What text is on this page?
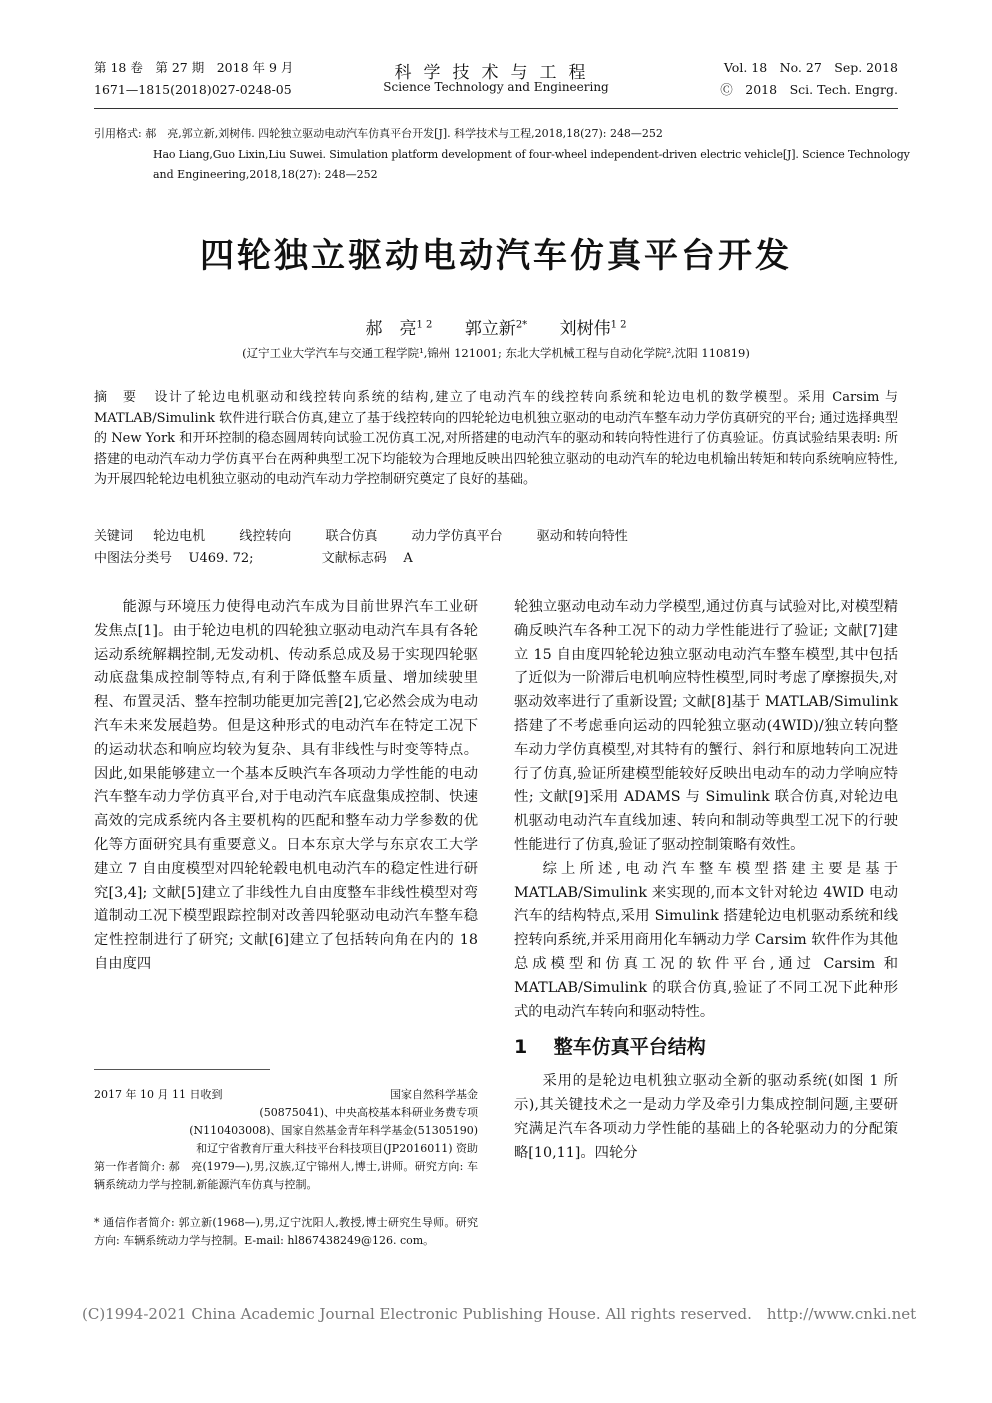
第 18 卷　第 27 期　2018 年 9 月
1671—1815(2018)027-0248-05
科学技术与工程
Science Technology and Engineering
Vol. 18　No. 27　Sep. 2018
Ⓒ　2018　Sci. Tech. Engrg.
引用格式: 郝　亮,郭立新,刘树伟. 四轮独立驱动电动汽车仿真平台开发[J]. 科学技术与工程,2018,18(27): 248—252
Hao Liang,Guo Lixin,Liu Suwei. Simulation platform development of four-wheel independent-driven electric vehicle[J]. Science Technology
and Engineering,2018,18(27): 248—252
四轮独立驱动电动汽车仿真平台开发
郝　亮$^{1 2}$ 郭立新$^{2*}$ 刘树伟$^{1 2}$
(辽宁工业大学汽车与交通工程学院¹,锦州 121001; 东北大学机械工程与自动化学院²,沈阳 110819)
摘　要 设计了轮边电机驱动和线控转向系统的结构,建立了电动汽车的线控转向系统和轮边电机的数学模型。采用 Carsim 与 MATLAB/Simulink 软件进行联合仿真,建立了基于线控转向的四轮轮边电机独立驱动的电动汽车整车动力学仿真研究的平台; 通过选择典型的 New York 和开环控制的稳态圆周转向试验工况仿真工况,对所搭建的电动汽车的驱动和转向特性进行了仿真验证。仿真试验结果表明: 所搭建的电动汽车动力学仿真平台在两种典型工况下均能较为合理地反映出四轮独立驱动的电动汽车的轮边电机输出转矩和转向系统响应特性,为开展四轮轮边电机独立驱动的电动汽车动力学控制研究奠定了良好的基础。
关键词 轮边电机	线控转向	联合仿真	动力学仿真平台	驱动和转向特性
中图法分类号 U469. 72;	文献标志码 A

能源与环境压力使得电动汽车成为目前世界汽车工业研发焦点[1]。由于轮边电机的四轮独立驱动电动汽车具有各轮运动系统解耦控制,无发动机、传动系总成及易于实现四轮驱动底盘集成控制等特点,有利于降低整车质量、增加续驶里程、布置灵活、整车控制功能更加完善[2],它必然会成为电动汽车未来发展趋势。但是这种形式的电动汽车在特定工况下的运动状态和响应均较为复杂、具有非线性与时变等特点。因此,如果能够建立一个基本反映汽车各项动力学性能的电动汽车整车动力学仿真平台,对于电动汽车底盘集成控制、快速高效的完成系统内各主要机构的匹配和整车动力学参数的优化等方面研究具有重要意义。日本东京大学与东京农工大学建立 7 自由度模型对四轮轮毂电机电动汽车的稳定性进行研究[3,4]; 文献[5]建立了非线性九自由度整车非线性模型对弯道制动工况下模型跟踪控制对改善四轮驱动电动汽车整车稳定性控制进行了研究; 文献[6]建立了包括转向角在内的 18 自由度四

2017 年 10 月 11 日收到	国家自然科学基金
(50875041)、中央高校基本科研业务费专项
(N110403008)、国家自然基金青年科学基金(51305190)
和辽宁省教育厅重大科技平台科技项目(JP2016011) 资助
第一作者简介: 郝　亮(1979—),男,汉族,辽宁锦州人,博士,讲师。研究方向: 车辆系统动力学与控制,新能源汽车仿真与控制。
* 通信作者简介: 郭立新(1968—),男,辽宁沈阳人,教授,博士研究生导师。研究方向: 车辆系统动力学与控制。E-mail: hl867438249@126. com。

轮独立驱动电动车动力学模型,通过仿真与试验对比,对模型精确反映汽车各种工况下的动力学性能进行了验证; 文献[7]建立 15 自由度四轮轮边独立驱动电动汽车整车模型,其中包括了近似为一阶滞后电机响应特性模型,同时考虑了摩擦损失,对驱动效率进行了重新设置; 文献[8]基于 MATLAB/Simulink 搭建了不考虑垂向运动的四轮独立驱动(4WID)/独立转向整车动力学仿真模型,对其特有的蟹行、斜行和原地转向工况进行了仿真,验证所建模型能较好反映出电动车的动力学响应特性; 文献[9]采用 ADAMS 与 Simulink 联合仿真,对轮边电机驱动电动汽车直线加速、转向和制动等典型工况下的行驶性能进行了仿真,验证了驱动控制策略有效性。

综上所述,电动汽车整车模型搭建主要是基于 MATLAB/Simulink 来实现的,而本文针对轮边 4WID 电动汽车的结构特点,采用 Simulink 搭建轮边电机驱动系统和线控转向系统,并采用商用化车辆动力学 Carsim 软件作为其他总成模型和仿真工况的软件平台,通过 Carsim 和 MATLAB/Simulink 的联合仿真,验证了不同工况下此种形式的电动汽车转向和驱动特性。

1 整车仿真平台结构

采用的是轮边电机独立驱动全新的驱动系统(如图 1 所示),其关键技术之一是动力学及牵引力集成控制问题,主要研究满足汽车各项动力学性能的基础上的各轮驱动力的分配策略[10,11]。四轮分

(C)1994-2021 China Academic Journal Electronic Publishing House. All rights reserved.　http://www.cnki.net
